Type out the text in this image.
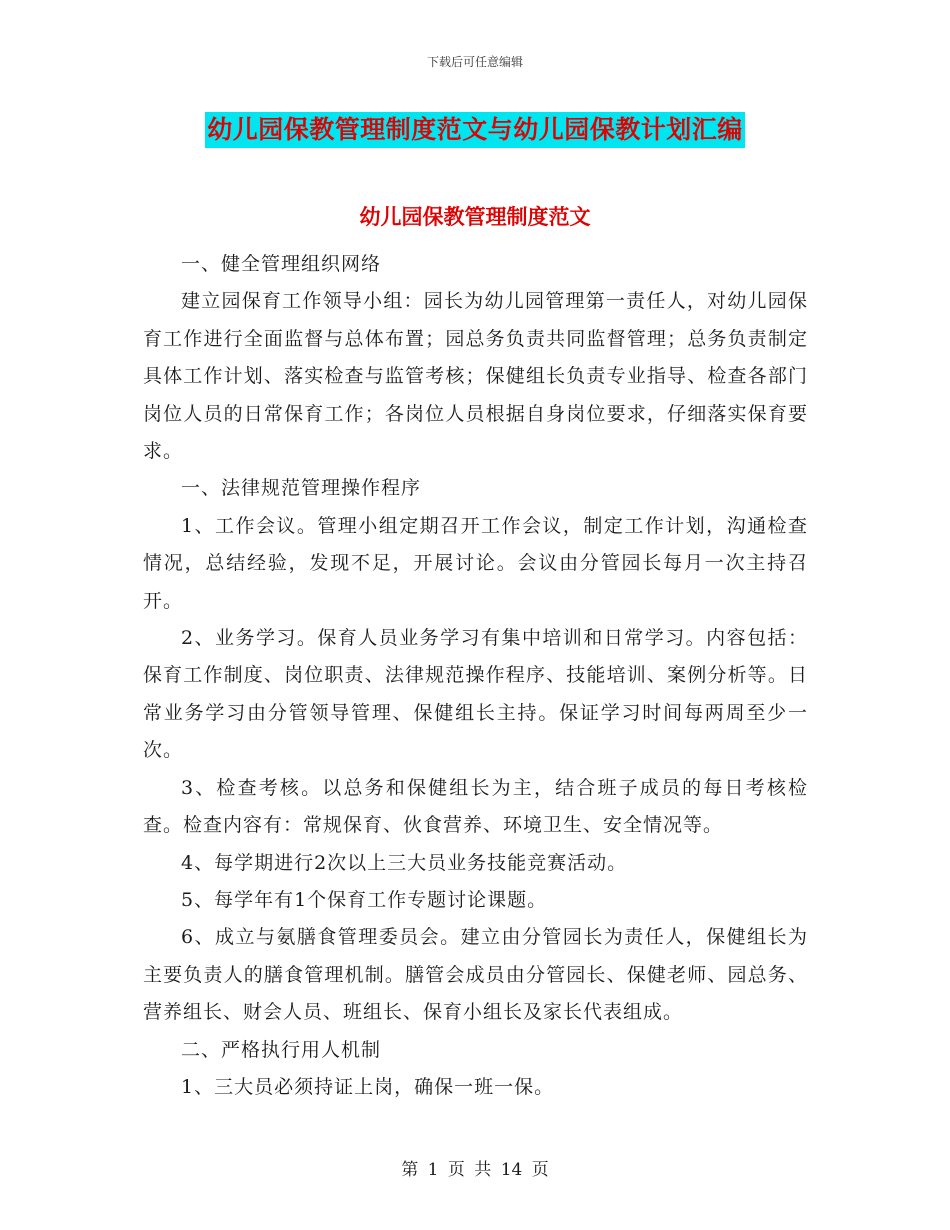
下载后可任意编辑
幼儿园保教管理制度范文与幼儿园保教计划汇编
幼儿园保教管理制度范文

一、健全管理组织网络

建立园保育工作领导小组：园长为幼儿园管理第一责任人，对幼儿园保育工作进行全面监督与总体布置；园总务负责共同监督管理；总务负责制定具体工作计划、落实检查与监管考核；保健组长负责专业指导、检查各部门岗位人员的日常保育工作；各岗位人员根据自身岗位要求，仔细落实保育要求。

一、法律规范管理操作程序

1、工作会议。管理小组定期召开工作会议，制定工作计划，沟通检查情况，总结经验，发现不足，开展讨论。会议由分管园长每月一次主持召开。

2、业务学习。保育人员业务学习有集中培训和日常学习。内容包括：保育工作制度、岗位职责、法律规范操作程序、技能培训、案例分析等。日常业务学习由分管领导管理、保健组长主持。保证学习时间每两周至少一次。

3、检查考核。以总务和保健组长为主，结合班子成员的每日考核检查。检查内容有：常规保育、伙食营养、环境卫生、安全情况等。

4、每学期进行2次以上三大员业务技能竞赛活动。

5、每学年有1个保育工作专题讨论课题。

6、成立与氨膳食管理委员会。建立由分管园长为责任人，保健组长为主要负责人的膳食管理机制。膳管会成员由分管园长、保健老师、园总务、营养组长、财会人员、班组长、保育小组长及家长代表组成。

二、严格执行用人机制

1、三大员必须持证上岗，确保一班一保。

第 1 页 共 14 页
